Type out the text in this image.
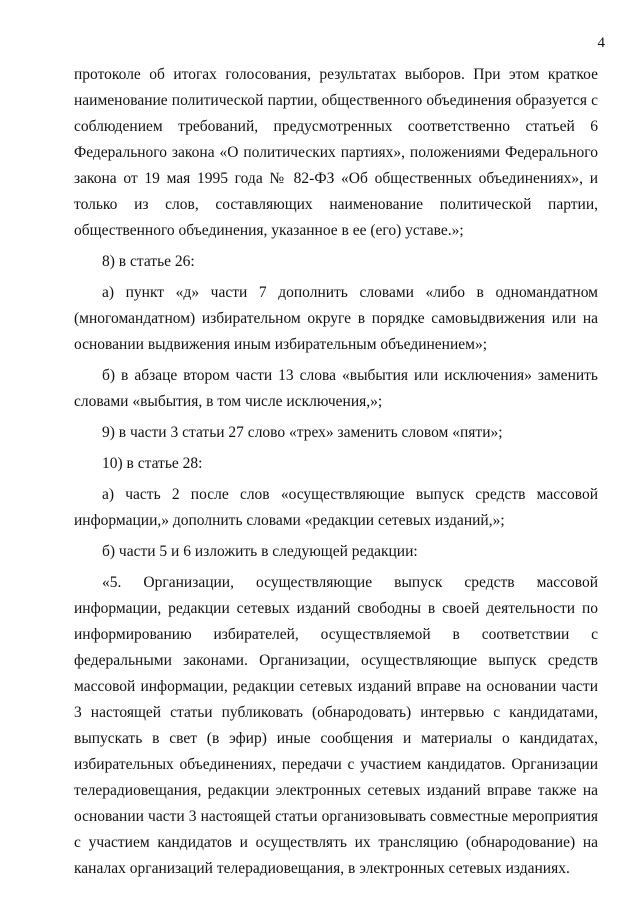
4

протоколе об итогах голосования, результатах выборов. При этом краткое наименование политической партии, общественного объединения образуется с соблюдением требований, предусмотренных соответственно статьей 6 Федерального закона «О политических партиях», положениями Федерального закона от 19 мая 1995 года № 82-ФЗ «Об общественных объединениях», и только из слов, составляющих наименование политической партии, общественного объединения, указанное в ее (его) уставе.»;

8) в статье 26:

а) пункт «д» части 7 дополнить словами «либо в одномандатном (многомандатном) избирательном округе в порядке самовыдвижения или на основании выдвижения иным избирательным объединением»;

б) в абзаце втором части 13 слова «выбытия или исключения» заменить словами «выбытия, в том числе исключения,»;

9) в части 3 статьи 27 слово «трех» заменить словом «пяти»;

10) в статье 28:

а) часть 2 после слов «осуществляющие выпуск средств массовой информации,» дополнить словами «редакции сетевых изданий,»;

б) части 5 и 6 изложить в следующей редакции:

«5. Организации, осуществляющие выпуск средств массовой информации, редакции сетевых изданий свободны в своей деятельности по информированию избирателей, осуществляемой в соответствии с федеральными законами. Организации, осуществляющие выпуск средств массовой информации, редакции сетевых изданий вправе на основании части 3 настоящей статьи публиковать (обнародовать) интервью с кандидатами, выпускать в свет (в эфир) иные сообщения и материалы о кандидатах, избирательных объединениях, передачи с участием кандидатов. Организации телерадиовещания, редакции электронных сетевых изданий вправе также на основании части 3 настоящей статьи организовывать совместные мероприятия с участием кандидатов и осуществлять их трансляцию (обнародование) на каналах организаций телерадиовещания, в электронных сетевых изданиях.
